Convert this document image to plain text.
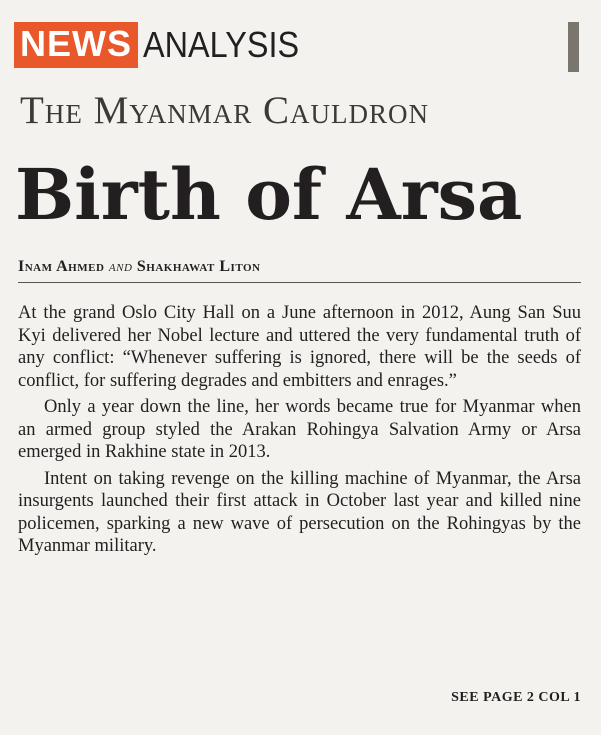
NEWS ANALYSIS
The Myanmar Cauldron
Birth of Arsa
Inam Ahmed and Shakhawat Liton

At the grand Oslo City Hall on a June afternoon in 2012, Aung San Suu Kyi delivered her Nobel lecture and uttered the very fundamental truth of any conflict: “Whenever suffering is ignored, there will be the seeds of conflict, for suffering degrades and embitters and enrages.”

Only a year down the line, her words became true for Myanmar when an armed group styled the Arakan Rohingya Salvation Army or Arsa emerged in Rakhine state in 2013.

Intent on taking revenge on the killing machine of Myanmar, the Arsa insurgents launched their first attack in October last year and killed nine policemen, sparking a new wave of persecution on the Rohingyas by the Myanmar military.

SEE PAGE 2 COL 1
